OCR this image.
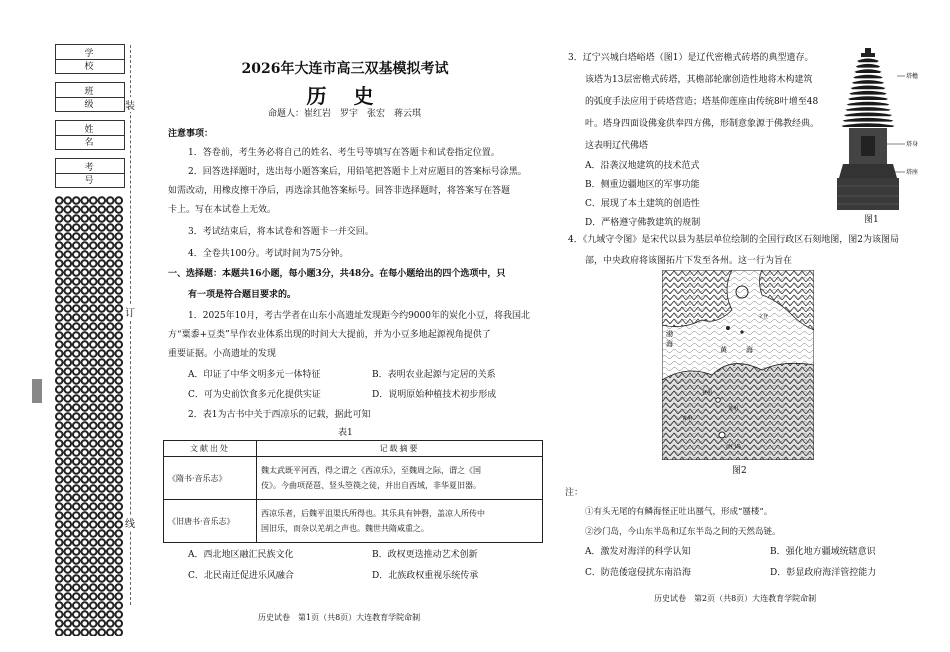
学　校
班　级
姓　名
考　号
装
订
线
2026年大连市高三双基模拟考试
历 史
命题人：崔红岩　罗宇　张宏　蒋云琪
注意事项：
1．答卷前，考生务必将自己的姓名、考生号等填写在答题卡和试卷指定位置。
2．回答选择题时，选出每小题答案后，用铅笔把答题卡上对应题目的答案标号涂黑。
如需改动，用橡皮擦干净后，再选涂其他答案标号。回答非选择题时，将答案写在答题
卡上。写在本试卷上无效。
3．考试结束后，将本试卷和答题卡一并交回。
4．全卷共100分。考试时间为75分钟。
一、选择题：本题共16小题，每小题3分，共48分。在每小题给出的四个选项中，只
有一项是符合题目要求的。
1．2025年10月，考古学者在山东小高遗址发现距今约9000年的炭化小豆，将我国北
方“粟黍+豆类”旱作农业体系出现的时间大大提前，并为小豆多地起源视角提供了
重要证据。小高遗址的发现
A．印证了中华文明多元一体特征	B．表明农业起源与定居的关系
C．可为史前饮食多元化提供实证	D．说明原始种植技术初步形成
2．表1为古书中关于西凉乐的记载，据此可知
表1
文献出处	记载摘要
《隋书·音乐志》	魏太武既平河西，得之谓之《西凉乐》，至魏周之际，谓之《国
伎》。今曲项琵琶、竖头箜篌之徒，并出自西域，非华夏旧器。

《旧唐书·音乐志》	西凉乐者，后魏平沮渠氏所得也。其乐具有钟磬，盖凉人所传中
国旧乐，而杂以羌胡之声也。魏世共隋咸重之。
A．西北地区融汇民族文化	B．政权更迭推动艺术创新
C．北民南迁促进乐风融合	D．北族政权重视乐统传承
历史试卷　第1页（共8页）大连教育学院命制
3．辽宁兴城白塔峪塔（图1）是辽代密檐式砖塔的典型遗存。
该塔为13层密檐式砖塔，其檐部轮廓创造性地将木构建筑
的弧度手法应用于砖塔营造；塔基仰莲座由传统8叶增至48
叶。塔身四面设佛龛供奉四方佛，形制意象源于佛教经典。
这表明辽代佛塔
A．沿袭汉地建筑的技术范式
B．侧重边疆地区的军事功能
C．展现了本土建筑的创造性
D．严格遵守佛教建筑的规制
塔檐
塔身
塔座
图1
4．《九域守令图》是宋代以县为基层单位绘制的全国行政区石刻地图，图2为该图局
部，中央政府将该图拓片下发至各州。这一行为旨在
渤
海
黄	海
文登
登州
莱州
青州
沙门岛
图2
注：
①有头无尾的有鳞海怪正吐出蜃气，形成“蜃楼”。
②沙门岛，今山东半岛和辽东半岛之间的天然岛链。
A．激发对海洋的科学认知	B．强化地方疆域统辖意识
C．防范倭寇侵扰东南沿海	D．彰显政府海洋管控能力
历史试卷　第2页（共8页）大连教育学院命制
